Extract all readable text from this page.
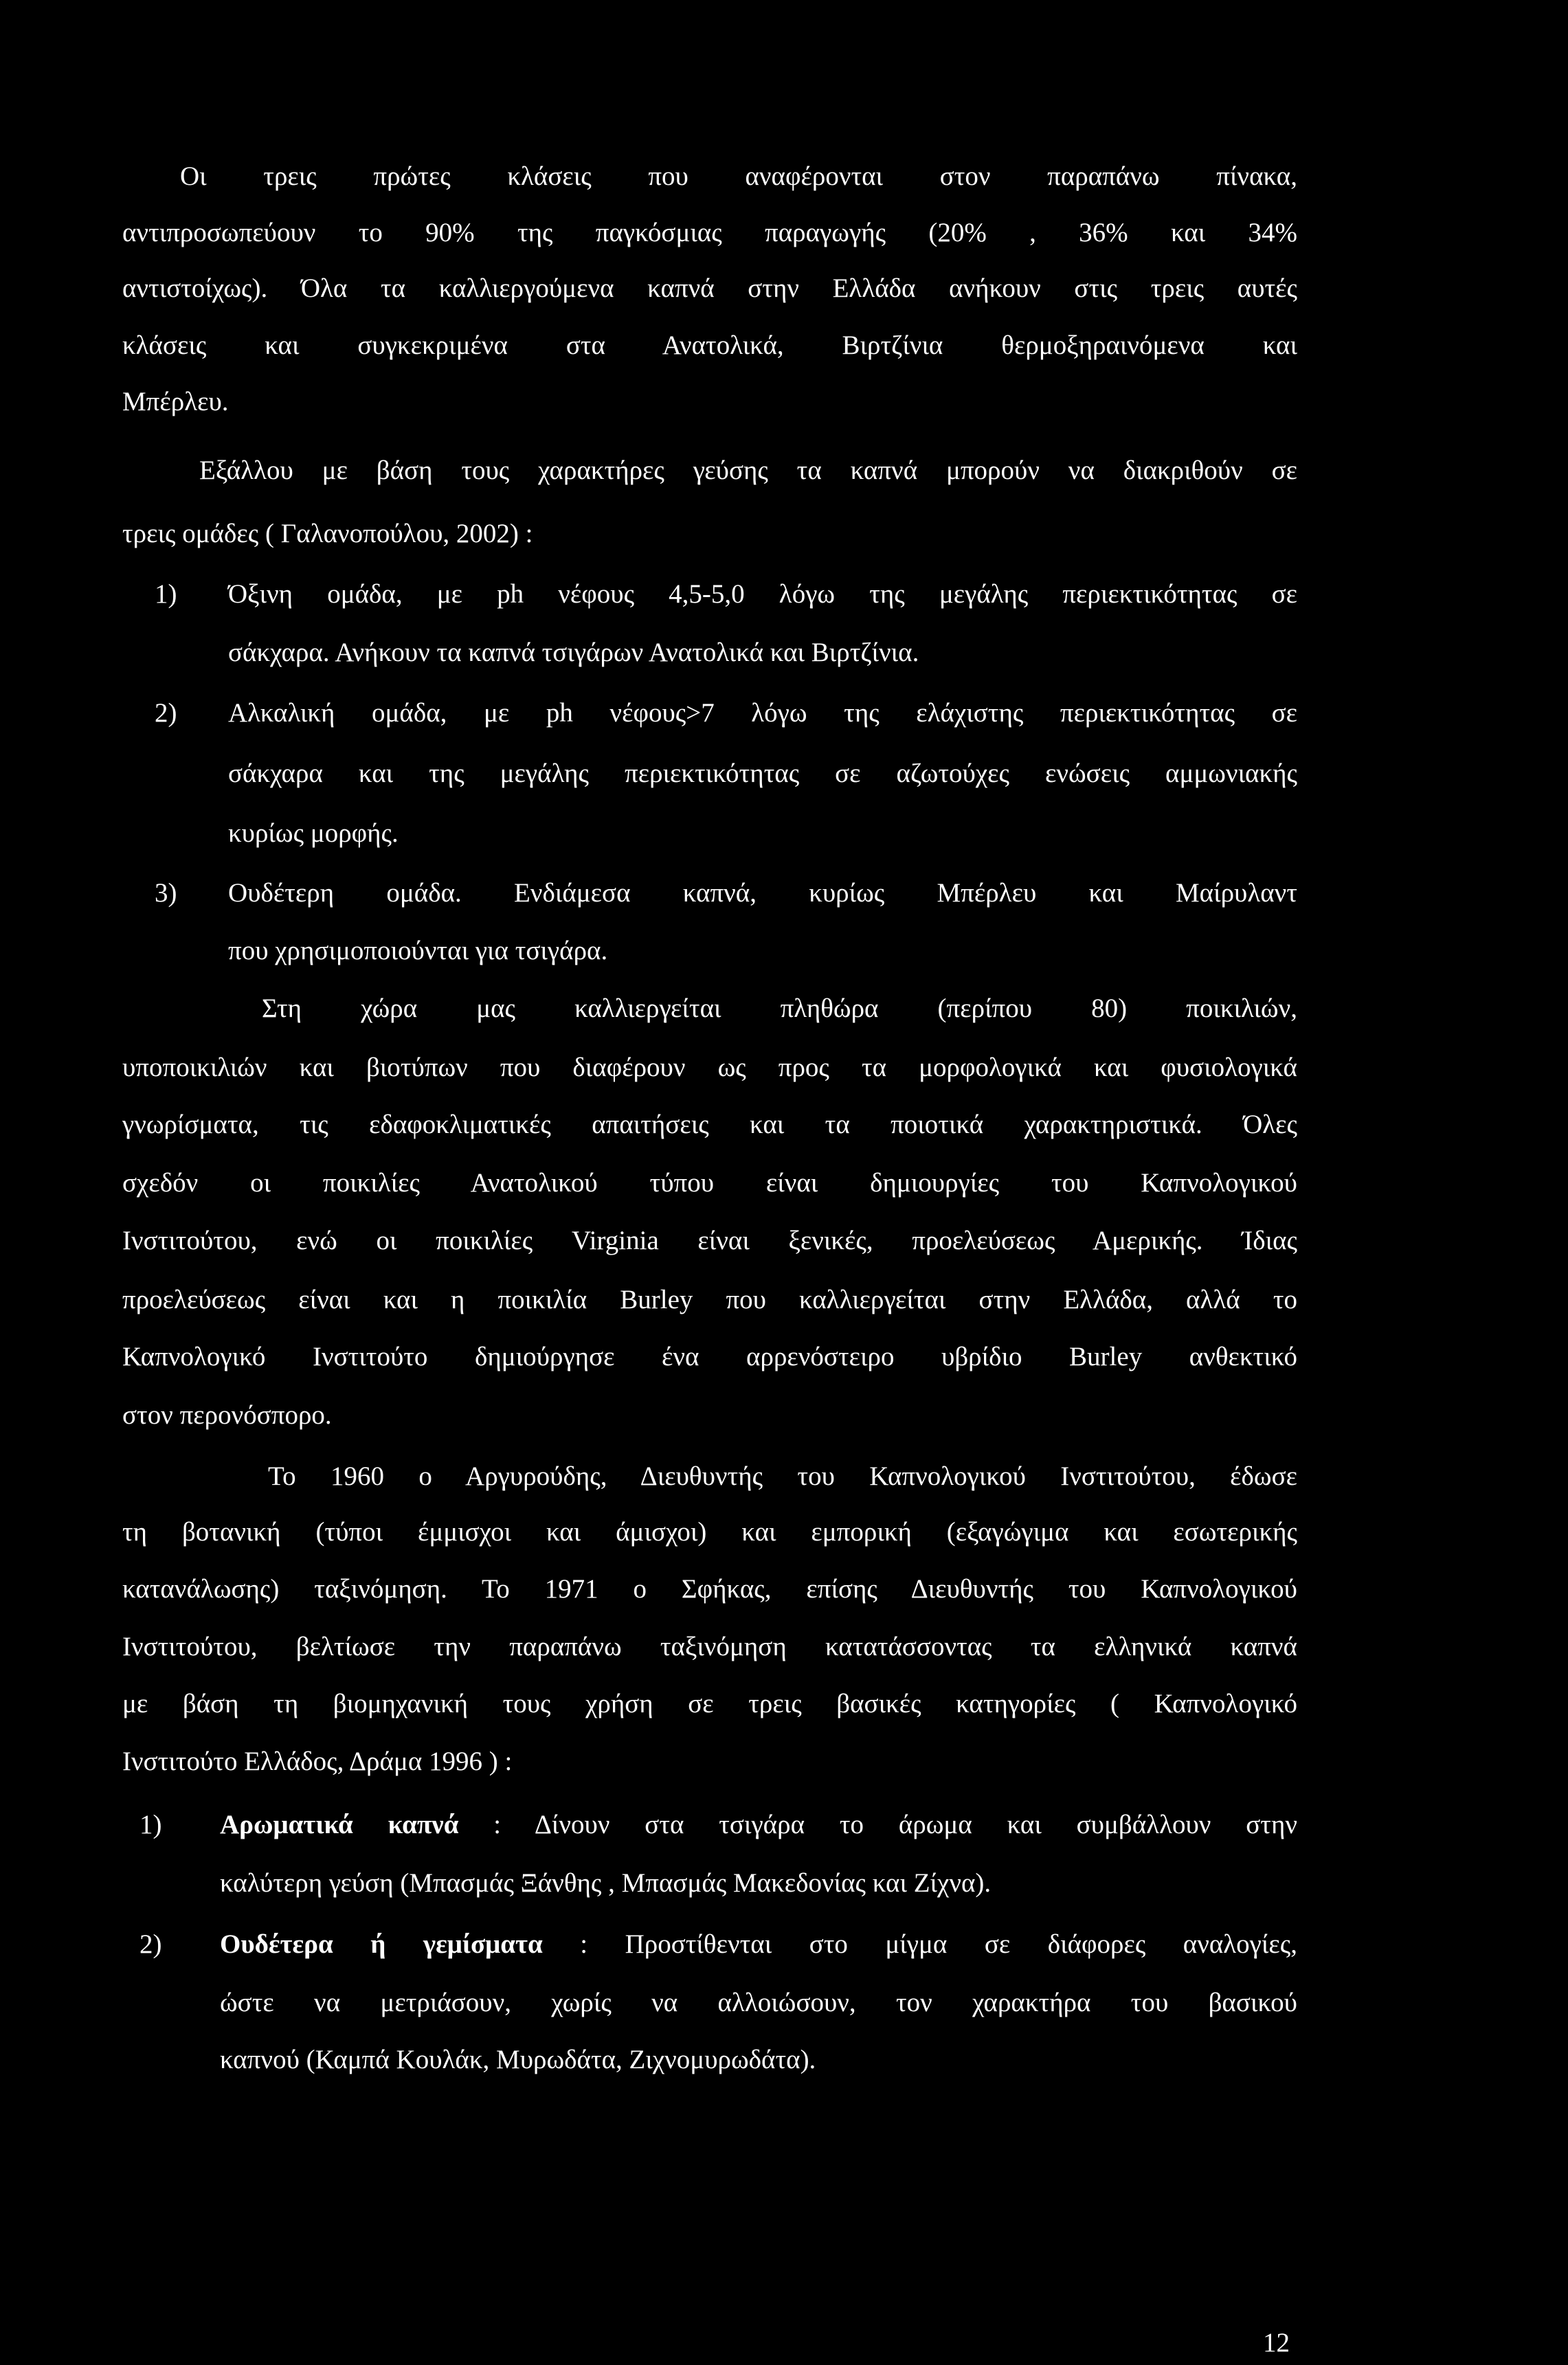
Οι τρεις πρώτες κλάσεις που αναφέρονται στον παραπάνω πίνακα,
αντιπροσωπεύουν το 90% της παγκόσμιας παραγωγής (20% , 36% και 34%
αντιστοίχως). Όλα τα καλλιεργούμενα καπνά στην Ελλάδα ανήκουν στις τρεις αυτές
κλάσεις και συγκεκριμένα στα Ανατολικά, Βιρτζίνια θερμοξηραινόμενα και
Μπέρλευ.
Εξάλλου με βάση τους χαρακτήρες γεύσης τα καπνά μπορούν να διακριθούν σε
τρεις ομάδες ( Γαλανοπούλου, 2002) :
1) Όξινη ομάδα, με ph νέφους 4,5-5,0 λόγω της μεγάλης περιεκτικότητας σε
σάκχαρα. Ανήκουν τα καπνά τσιγάρων Ανατολικά και Βιρτζίνια.
2) Αλκαλική ομάδα, με ph νέφους>7 λόγω της ελάχιστης περιεκτικότητας σε
σάκχαρα και της μεγάλης περιεκτικότητας σε αζωτούχες ενώσεις αμμωνιακής
κυρίως μορφής.
3) Ουδέτερη ομάδα. Ενδιάμεσα καπνά, κυρίως Μπέρλευ και Μαίρυλαντ
που χρησιμοποιούνται για τσιγάρα.
Στη χώρα μας καλλιεργείται πληθώρα (περίπου 80) ποικιλιών,
υποποικιλιών και βιοτύπων που διαφέρουν ως προς τα μορφολογικά και φυσιολογικά
γνωρίσματα, τις εδαφοκλιματικές απαιτήσεις και τα ποιοτικά χαρακτηριστικά. Όλες
σχεδόν οι ποικιλίες Ανατολικού τύπου είναι δημιουργίες του Καπνολογικού
Ινστιτούτου, ενώ οι ποικιλίες Virginia είναι ξενικές, προελεύσεως Αμερικής. Ίδιας
προελεύσεως είναι και η ποικιλία Burley που καλλιεργείται στην Ελλάδα, αλλά το
Καπνολογικό Ινστιτούτο δημιούργησε ένα αρρενόστειρο υβρίδιο Burley ανθεκτικό
στον περονόσπορο.
Το 1960 ο Αργυρούδης, Διευθυντής του Καπνολογικού Ινστιτούτου, έδωσε
τη βοτανική (τύποι έμμισχοι και άμισχοι) και εμπορική (εξαγώγιμα και εσωτερικής
κατανάλωσης) ταξινόμηση. Το 1971 ο Σφήκας, επίσης Διευθυντής του Καπνολογικού
Ινστιτούτου, βελτίωσε την παραπάνω ταξινόμηση κατατάσσοντας τα ελληνικά καπνά
με βάση τη βιομηχανική τους χρήση σε τρεις βασικές κατηγορίες ( Καπνολογικό
Ινστιτούτο Ελλάδος, Δράμα 1996 ) :
1) Αρωματικά καπνά : Δίνουν στα τσιγάρα το άρωμα και συμβάλλουν στην
καλύτερη γεύση (Μπασμάς Ξάνθης , Μπασμάς Μακεδονίας και Ζίχνα).
2) Ουδέτερα ή γεμίσματα : Προστίθενται στο μίγμα σε διάφορες αναλογίες,
ώστε να μετριάσουν, χωρίς να αλλοιώσουν, τον χαρακτήρα του βασικού
καπνού (Καμπά Κουλάκ, Μυρωδάτα, Ζιχνομυρωδάτα).
12
